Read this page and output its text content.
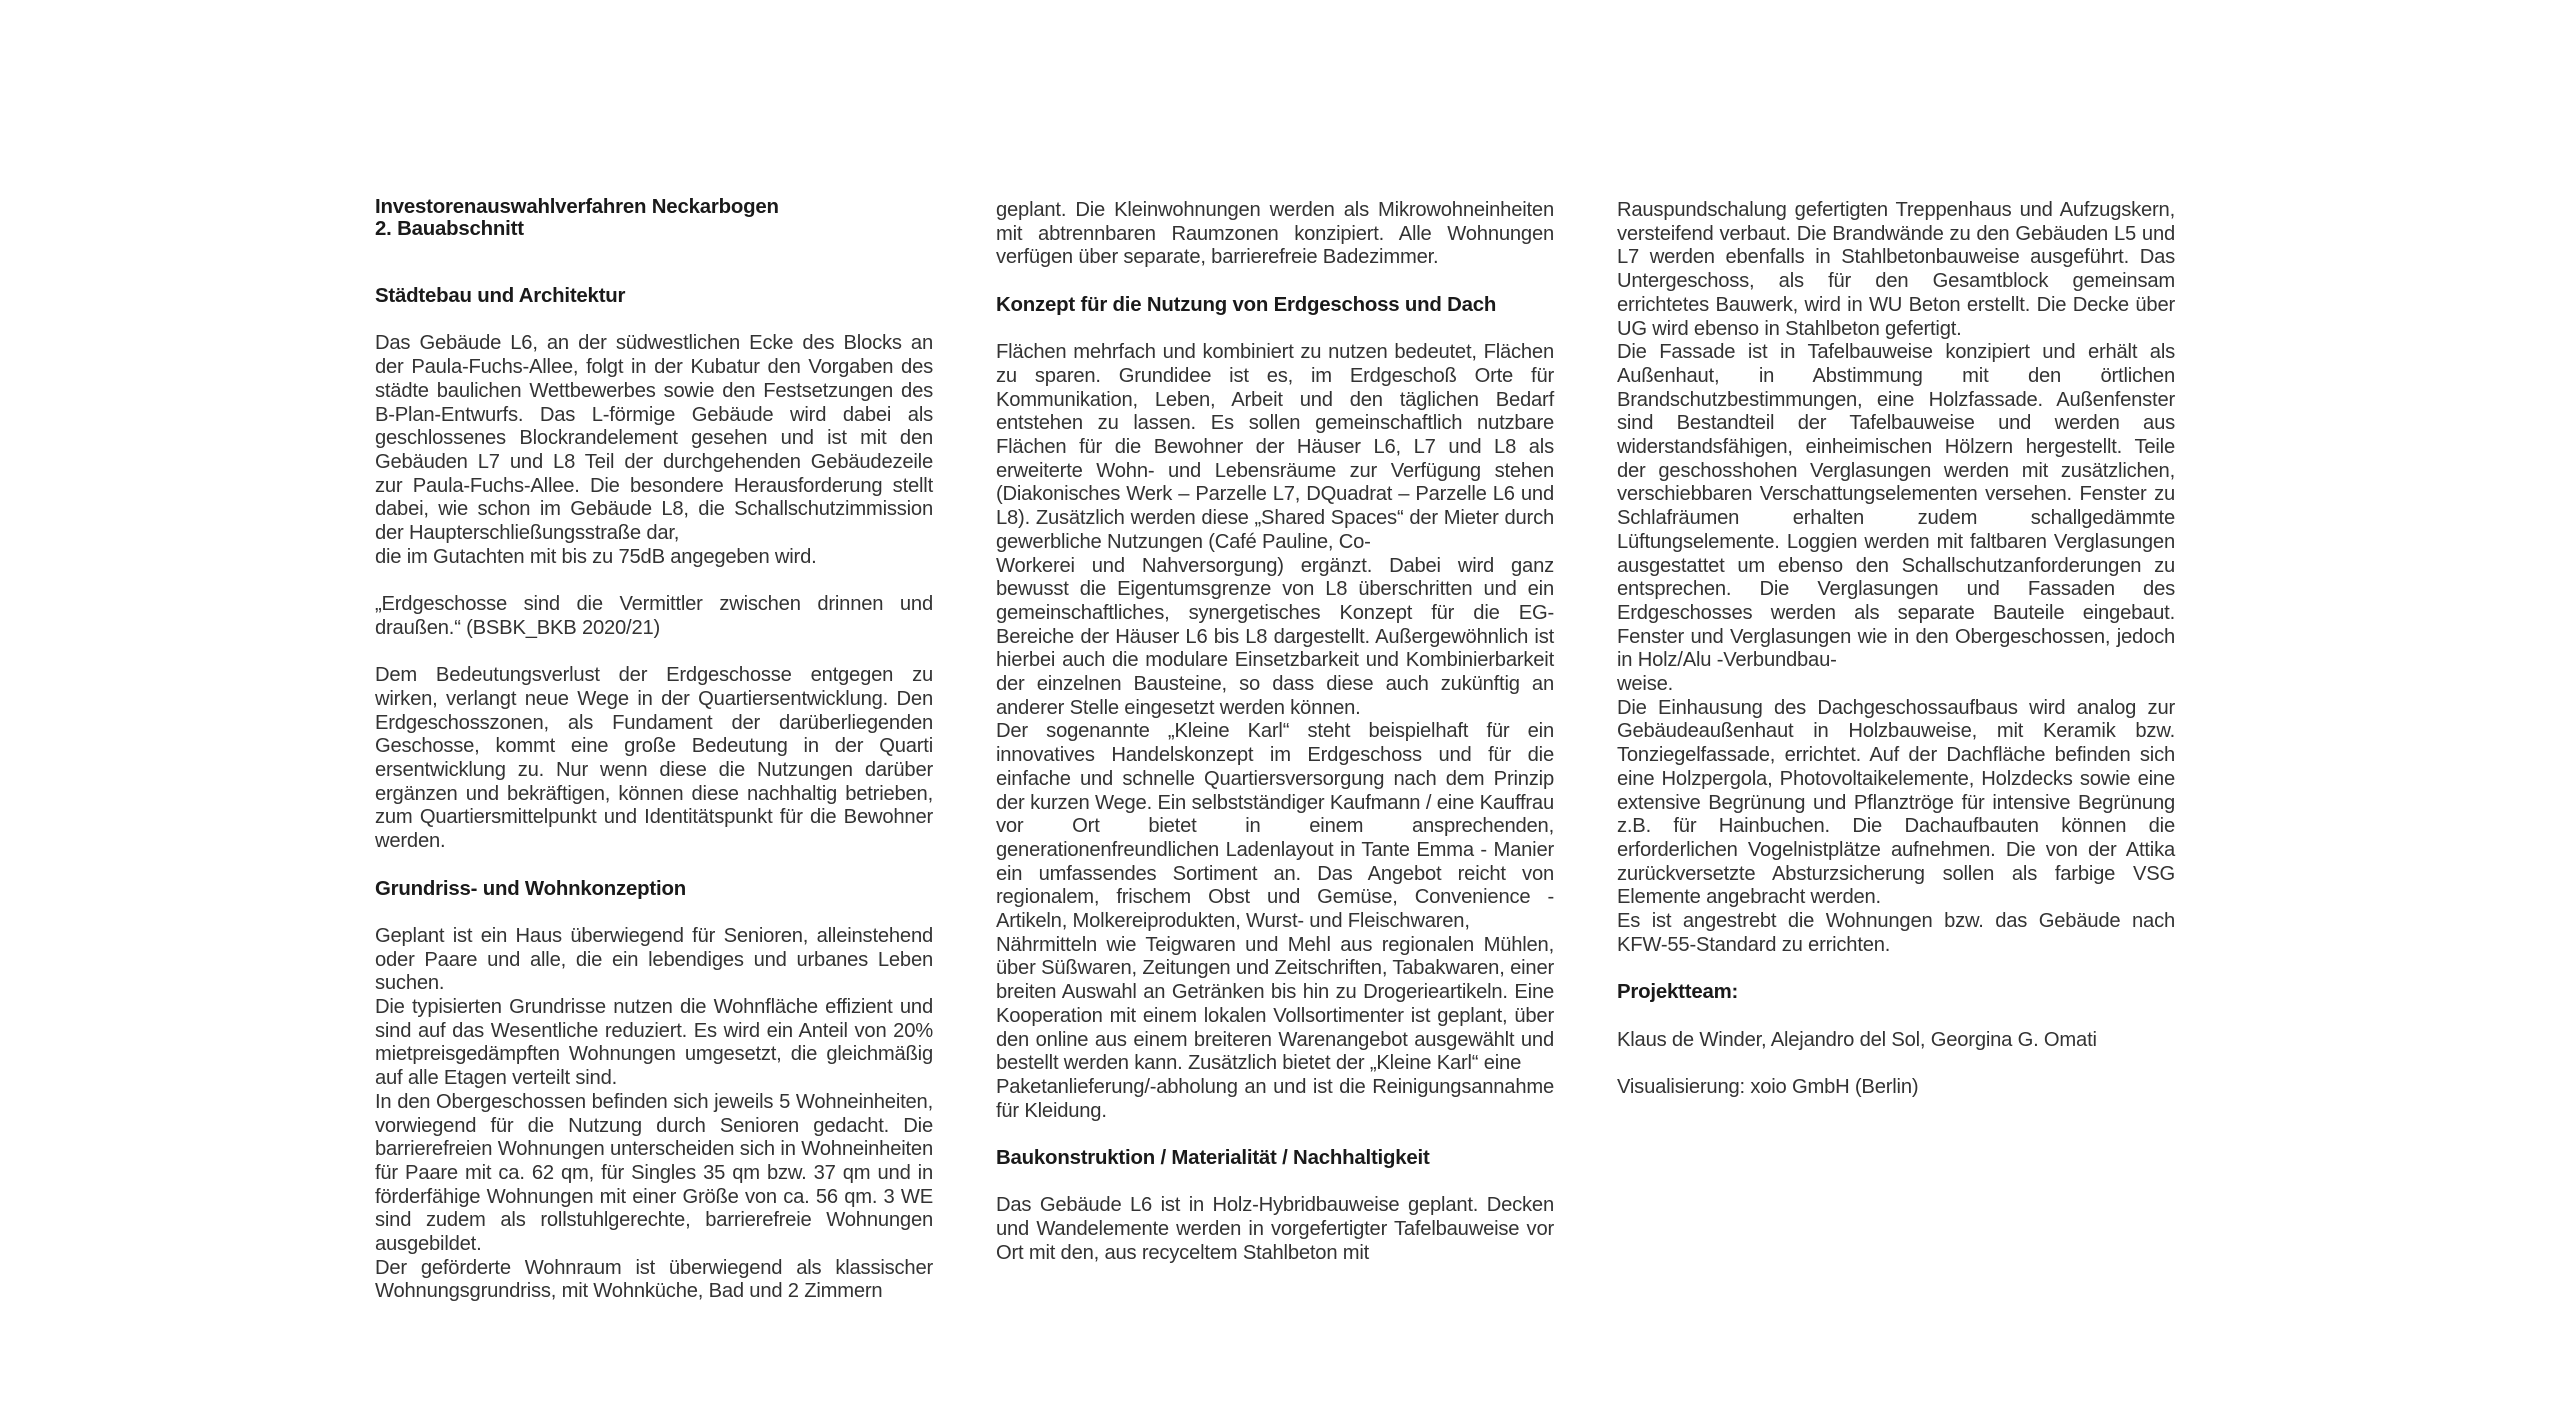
Investorenauswahlverfahren Neckarbogen
2. Bauabschnitt
Städtebau und Architektur

Das Gebäude L6, an der südwestlichen Ecke des Blocks an der Paula-Fuchs-Allee, folgt in der Kubatur den Vorgaben des städte baulichen Wettbewerbes sowie den Festsetzungen des B-Plan-Entwurfs. Das L-förmige Gebäude wird dabei als geschlossenes Blockrandelement gesehen und ist mit den Gebäuden L7 und L8 Teil der durchgehenden Gebäudezeile zur Paula-Fuchs-Allee. Die besondere Herausforderung stellt dabei, wie schon im Gebäude L8, die Schallschutzimmission der Haupterschließungsstraße dar,

die im Gutachten mit bis zu 75dB angegeben wird.

„Erdgeschosse sind die Vermittler zwischen drinnen und draußen.“ (BSBK_BKB 2020/21)

Dem Bedeutungsverlust der Erdgeschosse entgegen zu wirken, verlangt neue Wege in der Quartiersentwicklung. Den Erdgeschosszonen, als Fundament der darüberliegenden Geschosse, kommt eine große Bedeutung in der Quarti ersentwicklung zu. Nur wenn diese die Nutzungen darüber ergänzen und bekräftigen, können diese nachhaltig betrieben, zum Quartiersmittelpunkt und Identitätspunkt für die Bewohner werden.

Grundriss- und Wohnkonzeption

Geplant ist ein Haus überwiegend für Senioren, alleinstehend oder Paare und alle, die ein lebendiges und urbanes Leben suchen.

Die typisierten Grundrisse nutzen die Wohnfläche effizient und sind auf das Wesentliche reduziert. Es wird ein Anteil von 20% mietpreisgedämpften Wohnungen umgesetzt, die gleichmäßig auf alle Etagen verteilt sind.

In den Obergeschossen befinden sich jeweils 5 Wohneinheiten, vorwiegend für die Nutzung durch Senioren gedacht. Die barrierefreien Wohnungen unterscheiden sich in Wohneinheiten für Paare mit ca. 62 qm, für Singles 35 qm bzw. 37 qm und in förderfähige Wohnungen mit einer Größe von ca. 56 qm. 3 WE sind zudem als rollstuhlgerechte, barrierefreie Wohnungen ausgebildet.

Der geförderte Wohnraum ist überwiegend als klassischer Wohnungsgrundriss, mit Wohnküche, Bad und 2 Zimmern

geplant. Die Kleinwohnungen werden als Mikrowohneinheiten mit abtrennbaren Raumzonen konzipiert. Alle Wohnungen verfügen über separate, barrierefreie Badezimmer.

Konzept für die Nutzung von Erdgeschoss und Dach

Flächen mehrfach und kombiniert zu nutzen bedeutet, Flächen zu sparen. Grundidee ist es, im Erdgeschoß Orte für Kommunikation, Leben, Arbeit und den täglichen Bedarf entstehen zu lassen. Es sollen gemeinschaftlich nutzbare Flächen für die Bewohner der Häuser L6, L7 und L8 als erweiterte Wohn- und Lebensräume zur Verfügung stehen (Diakonisches Werk – Parzelle L7, DQuadrat – Parzelle L6 und L8). Zusätzlich werden diese „Shared Spaces“ der Mieter durch gewerbliche Nutzungen (Café Pauline, Co-

Workerei und Nahversorgung) ergänzt. Dabei wird ganz bewusst die Eigentumsgrenze von L8 überschritten und ein gemeinschaftliches, synergetisches Konzept für die EG-Bereiche der Häuser L6 bis L8 dargestellt. Außergewöhnlich ist hierbei auch die modulare Einsetzbarkeit und Kombinierbarkeit der einzelnen Bausteine, so dass diese auch zukünftig an anderer Stelle eingesetzt werden können.

Der sogenannte „Kleine Karl“ steht beispielhaft für ein innovatives Handelskonzept im Erdgeschoss und für die einfache und schnelle Quartiersversorgung nach dem Prinzip der kurzen Wege. Ein selbstständiger Kaufmann / eine Kauffrau vor Ort bietet in einem ansprechenden, generationenfreundlichen Ladenlayout in Tante Emma - Manier ein umfassendes Sortiment an. Das Angebot reicht von regionalem, frischem Obst und Gemüse, Convenience - Artikeln, Molkereiprodukten, Wurst- und Fleischwaren,

Nährmitteln wie Teigwaren und Mehl aus regionalen Mühlen, über Süßwaren, Zeitungen und Zeitschriften, Tabakwaren, einer breiten Auswahl an Getränken bis hin zu Drogerieartikeln. Eine Kooperation mit einem lokalen Vollsortimenter ist geplant, über den online aus einem breiteren Warenangebot ausgewählt und bestellt werden kann. Zusätzlich bietet der „Kleine Karl“ eine

Paketanlieferung/-abholung an und ist die Reinigungsannahme für Kleidung.

Baukonstruktion / Materialität / Nachhaltigkeit

Das Gebäude L6 ist in Holz-Hybridbauweise geplant. Decken und Wandelemente werden in vorgefertigter Tafelbauweise vor Ort mit den, aus recyceltem Stahlbeton mit

Rauspundschalung gefertigten Treppenhaus und Aufzugskern, versteifend verbaut. Die Brandwände zu den Gebäuden L5 und L7 werden ebenfalls in Stahlbetonbauweise ausgeführt. Das Untergeschoss, als für den Gesamtblock gemeinsam errichtetes Bauwerk, wird in WU Beton erstellt. Die Decke über UG wird ebenso in Stahlbeton gefertigt.

Die Fassade ist in Tafelbauweise konzipiert und erhält als Außenhaut, in Abstimmung mit den örtlichen Brandschutzbestimmungen, eine Holzfassade. Außenfenster sind Bestandteil der Tafelbauweise und werden aus widerstandsfähigen, einheimischen Hölzern hergestellt. Teile der geschosshohen Verglasungen werden mit zusätzlichen, verschiebbaren Verschattungselementen versehen. Fenster zu Schlafräumen erhalten zudem schallgedämmte Lüftungselemente. Loggien werden mit faltbaren Verglasungen ausgestattet um ebenso den Schallschutzanforderungen zu entsprechen. Die Verglasungen und Fassaden des Erdgeschosses werden als separate Bauteile eingebaut. Fenster und Verglasungen wie in den Obergeschossen, jedoch in Holz/Alu -Verbundbau-

weise.

Die Einhausung des Dachgeschossaufbaus wird analog zur Gebäudeaußenhaut in Holzbauweise, mit Keramik bzw. Tonziegelfassade, errichtet. Auf der Dachfläche befinden sich eine Holzpergola, Photovoltaikelemente, Holzdecks sowie eine extensive Begrünung und Pflanztröge für intensive Begrünung z.B. für Hainbuchen. Die Dachaufbauten können die erforderlichen Vogelnistplätze aufnehmen. Die von der Attika zurückversetzte Absturzsicherung sollen als farbige VSG Elemente angebracht werden.

Es ist angestrebt die Wohnungen bzw. das Gebäude nach KFW-55-Standard zu errichten.

Projektteam:

Klaus de Winder, Alejandro del Sol, Georgina G. Omati

Visualisierung: xoio GmbH (Berlin)
